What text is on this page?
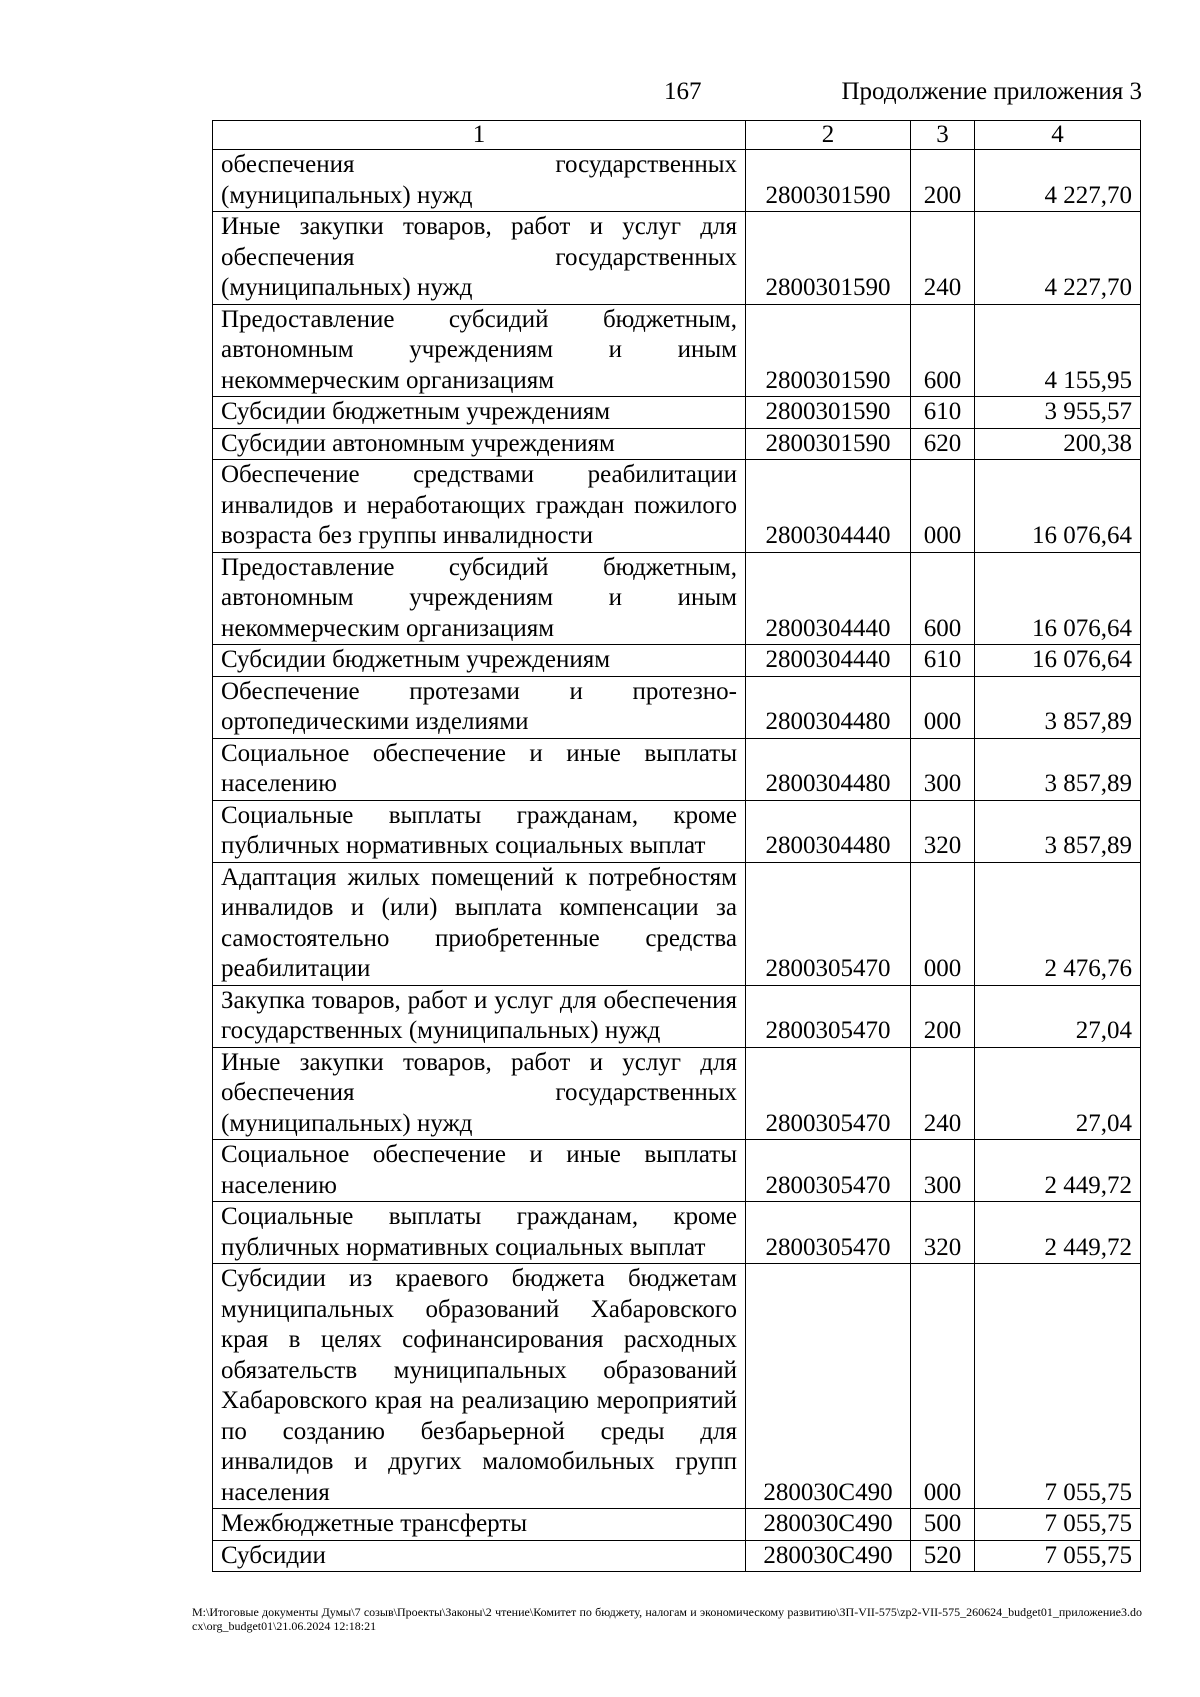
167	Продолжение приложения 3
1	2	3	4
обеспечения государственных (муниципальных) нужд	2800301590	200	4 227,70
Иные закупки товаров, работ и услуг для обеспечения государственных (муниципальных) нужд	2800301590	240	4 227,70
Предоставление субсидий бюджетным, автономным учреждениям и иным некоммерческим организациям	2800301590	600	4 155,95
Субсидии бюджетным учреждениям	2800301590	610	3 955,57
Субсидии автономным учреждениям	2800301590	620	200,38
Обеспечение средствами реабилитации инвалидов и неработающих граждан пожилого возраста без группы инвалидности	2800304440	000	16 076,64
Предоставление субсидий бюджетным, автономным учреждениям и иным некоммерческим организациям	2800304440	600	16 076,64
Субсидии бюджетным учреждениям	2800304440	610	16 076,64
Обеспечение протезами и протезно-ортопедическими изделиями	2800304480	000	3 857,89
Социальное обеспечение и иные выплаты населению	2800304480	300	3 857,89
Социальные выплаты гражданам, кроме публичных нормативных социальных выплат	2800304480	320	3 857,89
Адаптация жилых помещений к потребностям инвалидов и (или) выплата компенсации за самостоятельно приобретенные средства реабилитации	2800305470	000	2 476,76
Закупка товаров, работ и услуг для обеспечения государственных (муниципальных) нужд	2800305470	200	27,04
Иные закупки товаров, работ и услуг для обеспечения государственных (муниципальных) нужд	2800305470	240	27,04
Социальное обеспечение и иные выплаты населению	2800305470	300	2 449,72
Социальные выплаты гражданам, кроме публичных нормативных социальных выплат	2800305470	320	2 449,72
Субсидии из краевого бюджета бюджетам муниципальных образований Хабаровского края в целях софинансирования расходных обязательств муниципальных образований Хабаровского края на реализацию мероприятий по созданию безбарьерной среды для инвалидов и других маломобильных групп населения	280030С490	000	7 055,75
Межбюджетные трансферты	280030С490	500	7 055,75
Субсидии	280030С490	520	7 055,75
М:\Итоговые документы Думы\7 созыв\Проекты\Законы\2 чтение\Комитет по бюджету, налогам и экономическому развитию\ЗП-VII-575\zp2-VII-575_260624_budget01_приложение3.docx\org_budget01\21.06.2024 12:18:21
